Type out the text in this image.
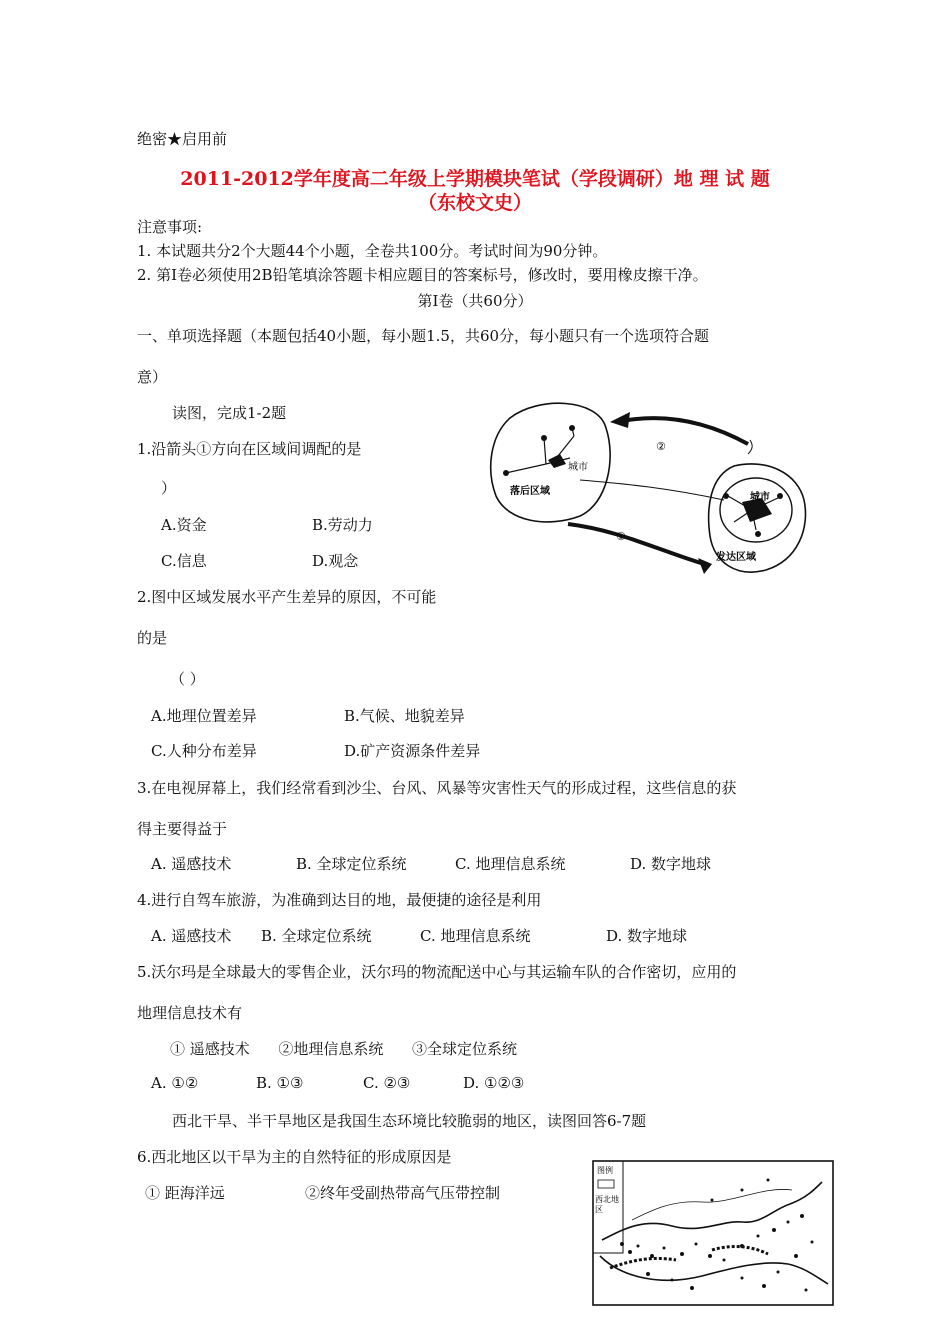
绝密★启用前
2011-2012学年度高二年级上学期模块笔试（学段调研）地 理 试 题
（东校文史）
注意事项:
1. 本试题共分2个大题44个小题，全卷共100分。考试时间为90分钟。
2. 第Ⅰ卷必须使用2B铅笔填涂答题卡相应题目的答案标号，修改时，要用橡皮擦干净。
第Ⅰ卷（共60分）
一、单项选择题（本题包括40小题，每小题1.5，共60分，每小题只有一个选项符合题
意）
读图，完成1-2题
1.沿箭头①方向在区域间调配的是
）
A.资金	B.劳动力
C.信息	D.观念
2.图中区域发展水平产生差异的原因，不可能
的是
（ ）
A.地理位置差异	B.气候、地貌差异
C.人种分布差异	D.矿产资源条件差异
3.在电视屏幕上，我们经常看到沙尘、台风、风暴等灾害性天气的形成过程，这些信息的获
得主要得益于
A. 遥感技术	B. 全球定位系统	C. 地理信息系统	D. 数字地球
4.进行自驾车旅游，为准确到达目的地，最便捷的途径是利用
A. 遥感技术 B. 全球定位系统	C. 地理信息系统	D. 数字地球
5.沃尔玛是全球最大的零售企业，沃尔玛的物流配送中心与其运输车队的合作密切，应用的
地理信息技术有
① 遥感技术      ②地理信息系统      ③全球定位系统
A. ①②	B. ①③	C. ②③	D. ①②③
西北干旱、半干旱地区是我国生态环境比较脆弱的地区，读图回答6-7题
6.西北地区以干旱为主的自然特征的形成原因是
① 距海洋远	②终年受副热带高气压带控制
城市
落后区域
城市
发达区域
②
①
图例
西北地
区
